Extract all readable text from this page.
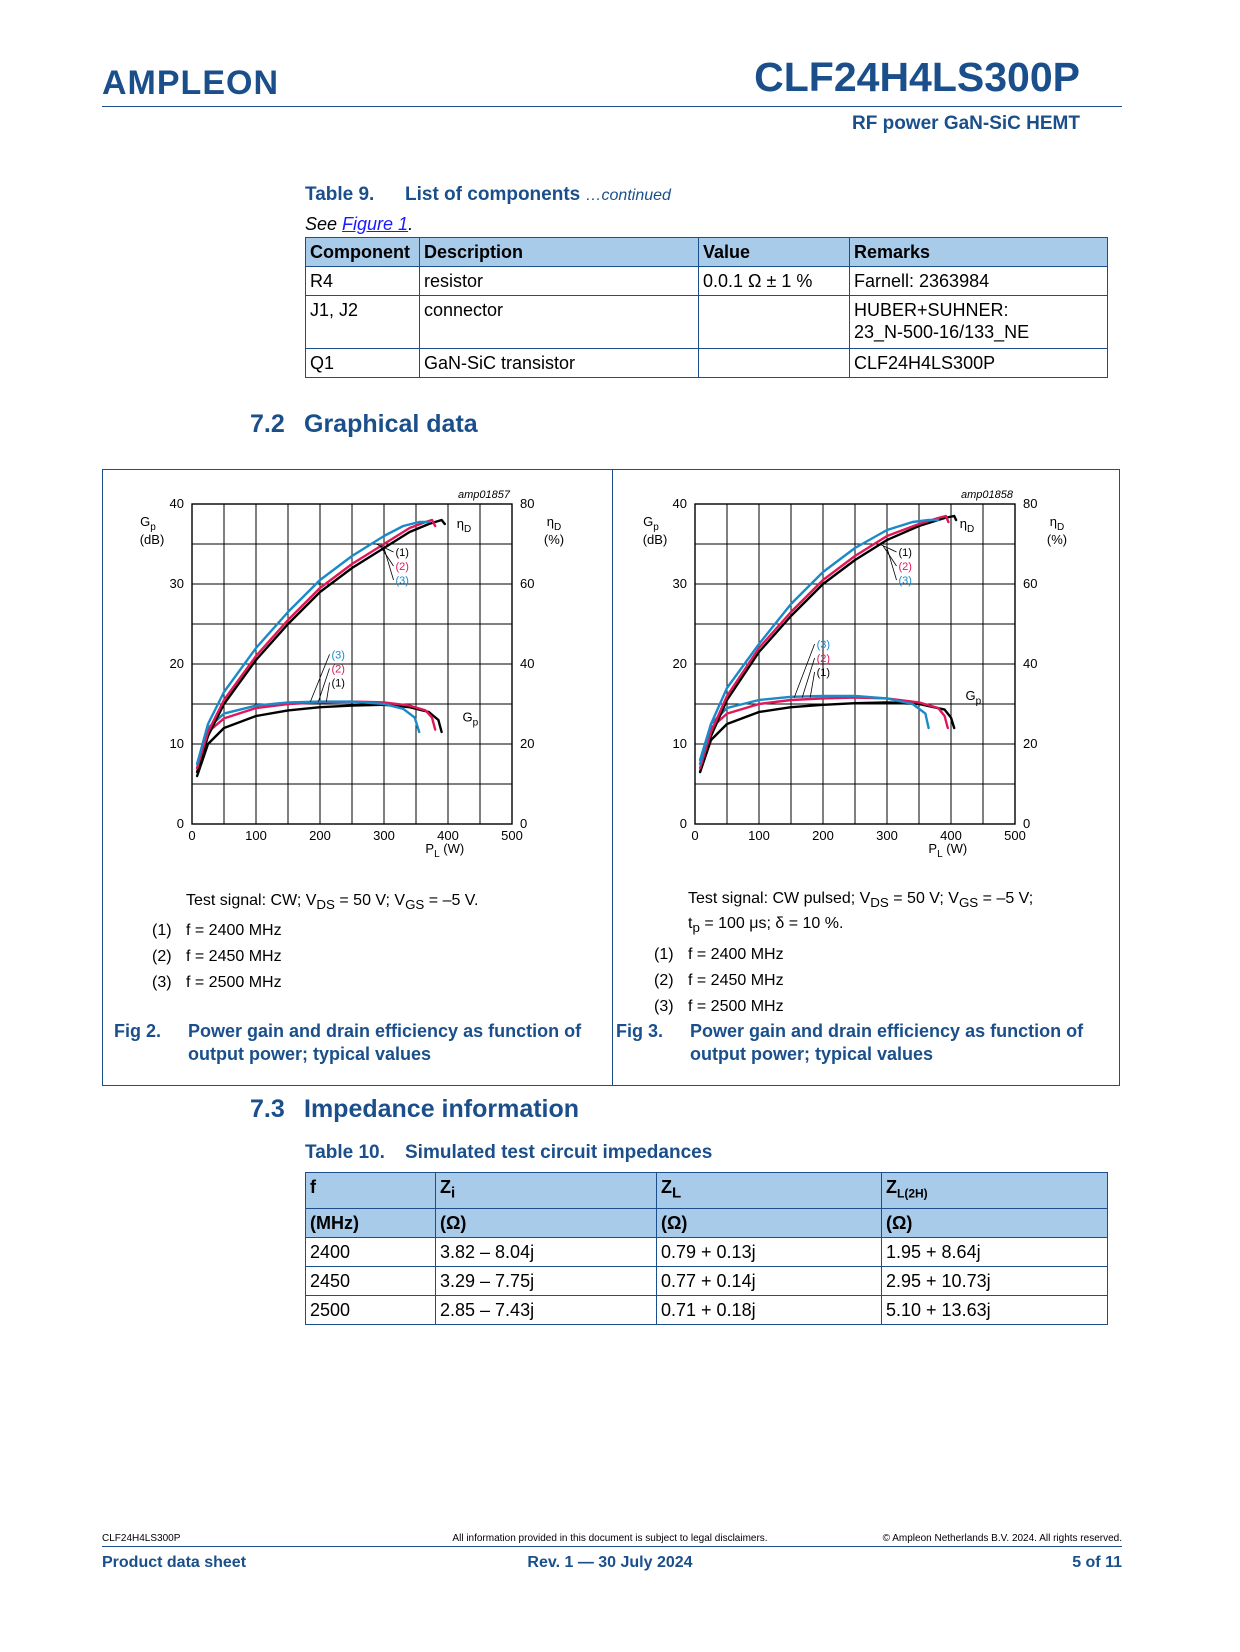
AMPLEON	CLF24H4LS300P
RF power GaN-SiC HEMT
Table 9. List of components …continued
See Figure 1.
Component	Description	Value	Remarks
R4	resistor	0.0.1 Ω ± 1 %	Farnell: 2363984
J1, J2	connector		HUBER+SUHNER:
23_N-500-16/133_NE

Q1	GaN-SiC transistor		CLF24H4LS300P
7.2 Graphical data
0	100	200	300	400	500
0
10
20
30
40
0
20
40
60
80
amp01857
$G_p$
(dB)
$\eta_D$
(%)
$P_L$ (W)
(1)
(2)
(3)
(3)
(2)
(1)
$\eta_D$
$G_p$
0	100	200	300	400	500
0
10
20
30
40
0
20
40
60
80
amp01858
$G_p$
(dB)
$\eta_D$
(%)
$P_L$ (W)
(1)
(2)
(3)
(3)
(2)
(1)
$\eta_D$
$G_p$
Test signal: CW; $V_{DS} = 50$ V; $V_{GS} = -5$ V.
(1) f = 2400 MHz
(2) f = 2450 MHz
(3) f = 2500 MHz
Test signal: CW pulsed; $V_{DS} = 50$ V; $V_{GS} = -5$ V;
$t_p = 100$ μs; δ = 10 %.
(1) f = 2400 MHz
(2) f = 2450 MHz
(3) f = 2500 MHz
Fig 2. Power gain and drain efficiency as function of output power; typical values
Fig 3. Power gain and drain efficiency as function of output power; typical values
7.3 Impedance information
Table 10. Simulated test circuit impedances
f	$Z_i$	$Z_L$	$Z_{L(2H)}$
(MHz)	(Ω)	(Ω)	(Ω)
2400	3.82 – 8.04j	0.79 + 0.13j	1.95 + 8.64j
2450	3.29 – 7.75j	0.77 + 0.14j	2.95 + 10.73j
2500	2.85 – 7.43j	0.71 + 0.18j	5.10 + 13.63j
CLF24H4LS300P	All information provided in this document is subject to legal disclaimers.	© Ampleon Netherlands B.V. 2024. All rights reserved.
Product data sheet	Rev. 1 — 30 July 2024	5 of 11
